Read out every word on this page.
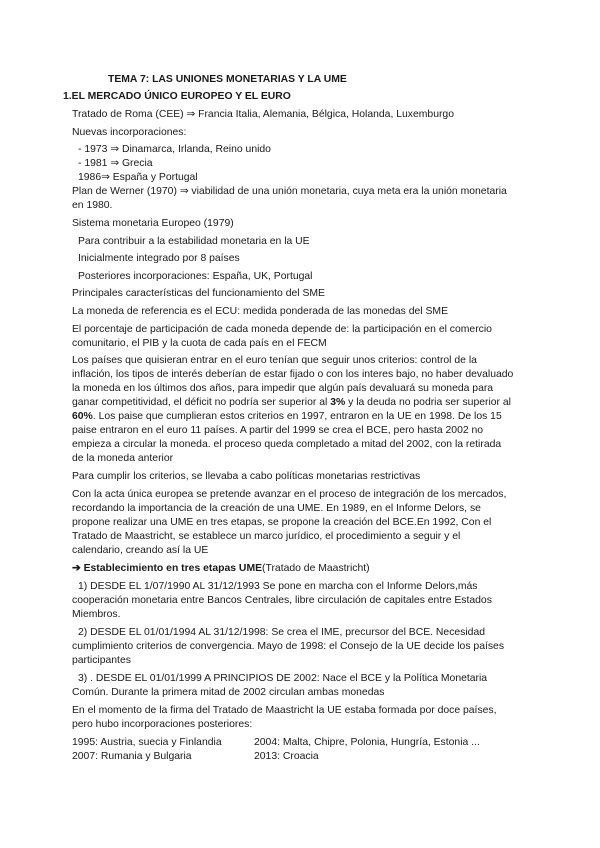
TEMA 7: LAS UNIONES MONETARIAS Y LA UME
1.EL MERCADO ÚNICO EUROPEO Y EL EURO
Tratado de Roma (CEE) ⇒ Francia Italia, Alemania, Bélgica, Holanda, Luxemburgo
Nuevas incorporaciones:
- 1973 ⇒ Dinamarca, Irlanda, Reino unido
- 1981 ⇒ Grecia
1986⇒ España y Portugal
Plan de Werner (1970) ⇒ viabilidad de una unión monetaria, cuya meta era la unión monetaria
en 1980.
Sistema monetaria Europeo (1979)
Para contribuir a la estabilidad monetaria en la UE
Inicialmente integrado por 8 países
Posteriores incorporaciones: España, UK, Portugal
Principales características del funcionamiento del SME
La moneda de referencia es el ECU: medida ponderada de las monedas del SME
El porcentaje de participación de cada moneda depende de: la participación en el comercio
comunitario, el PIB y la cuota de cada país en el FECM
Los países que quisieran entrar en el euro tenían que seguir unos criterios: control de la
inflación, los tipos de interés deberían de estar fijado o con los interes bajo, no haber devaluado
la moneda en los últimos dos años, para impedir que algún país devaluará su moneda para
ganar competitividad, el déficit no podría ser superior al 3% y la deuda no podria ser superior al
60%. Los paise que cumplieran estos criterios en 1997, entraron en la UE en 1998. De los 15
paise entraron en el euro 11 países. A partir del 1999 se crea el BCE, pero hasta 2002 no
empieza a circular la moneda. el proceso queda completado a mitad del 2002, con la retirada
de la moneda anterior
Para cumplir los criterios, se llevaba a cabo políticas monetarias restrictivas
Con la acta única europea se pretende avanzar en el proceso de integración de los mercados,
recordando la importancia de la creación de una UME. En 1989, en el Informe Delors, se
propone realizar una UME en tres etapas, se propone la creación del BCE.En 1992, Con el
Tratado de Maastricht, se establece un marco jurídico, el procedimiento a seguir y el
calendario, creando así la UE
➔ Establecimiento en tres etapas UME(Tratado de Maastricht)
1) DESDE EL 1/07/1990 AL 31/12/1993 Se pone en marcha con el Informe Delors,más
cooperación monetaria entre Bancos Centrales, libre circulación de capitales entre Estados
Miembros.
2) DESDE EL 01/01/1994 AL 31/12/1998: Se crea el IME, precursor del BCE. Necesidad
cumplimiento criterios de convergencia. Mayo de 1998: el Consejo de la UE decide los países
participantes
3) . DESDE EL 01/01/1999 A PRINCIPIOS DE 2002: Nace el BCE y la Política Monetaria
Común. Durante la primera mitad de 2002 circulan ambas monedas
En el momento de la firma del Tratado de Maastricht la UE estaba formada por doce países,
pero hubo incorporaciones posteriores:
1995: Austria, suecia y Finlandia	2004: Malta, Chipre, Polonia, Hungría, Estonia ...
2007: Rumania y Bulgaria	2013: Croacia
